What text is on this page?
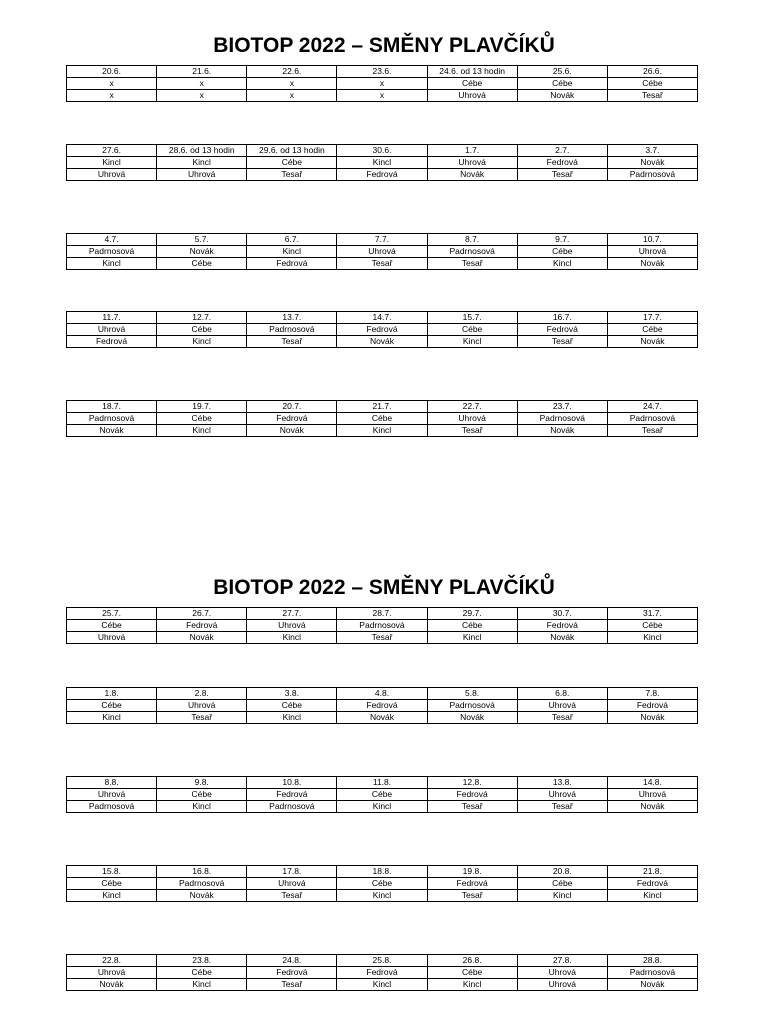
BIOTOP 2022 – SMĚNY PLAVČÍKŮ
20.6.	21.6.	22.6.	23.6.	24.6. od 13 hodin	25.6.	26.6.
x	x	x	x	Cébe	Cébe	Cébe
x	x	x	x	Uhrová	Novák	Tesař
27.6.	28.6. od 13 hodin	29.6. od 13 hodin	30.6.	1.7.	2.7.	3.7.
Kincl	Kincl	Cébe	Kincl	Uhrová	Fedrová	Novák
Uhrová	Uhrová	Tesař	Fedrová	Novák	Tesař	Padrnosová
4.7.	5.7.	6.7.	7.7.	8.7.	9.7.	10.7.
Padrnosová	Novák	Kincl	Uhrová	Padrnosová	Cébe	Uhrová
Kincl	Cébe	Fedrová	Tesař	Tesař	Kincl	Novák
11.7.	12.7.	13.7.	14.7.	15.7.	16.7.	17.7.
Uhrová	Cébe	Padrnosová	Fedrová	Cébe	Fedrová	Cébe
Fedrová	Kincl	Tesař	Novák	Kincl	Tesař	Novák
18.7.	19.7.	20.7.	21.7.	22.7.	23.7.	24.7.
Padrnosová	Cébe	Fedrová	Cébe	Uhrová	Padrnosová	Padrnosová
Novák	Kincl	Novák	Kincl	Tesař	Novák	Tesař
BIOTOP 2022 – SMĚNY PLAVČÍKŮ
25.7.	26.7.	27.7.	28.7.	29.7.	30.7.	31.7.
Cébe	Fedrová	Uhrová	Padrnosová	Cébe	Fedrová	Cébe
Uhrová	Novák	Kincl	Tesař	Kincl	Novák	Kincl
1.8.	2.8.	3.8.	4.8.	5.8.	6.8.	7.8.
Cébe	Uhrová	Cébe	Fedrová	Padrnosová	Uhrová	Fedrová
Kincl	Tesař	Kincl	Novák	Novák	Tesař	Novák
8.8.	9.8.	10.8.	11.8.	12.8.	13.8.	14.8.
Uhrová	Cébe	Fedrová	Cébe	Fedrová	Uhrová	Uhrová
Padrnosová	Kincl	Padrnosová	Kincl	Tesař	Tesař	Novák
15.8.	16.8.	17.8.	18.8.	19.8.	20.8.	21.8.
Cébe	Padrnosová	Uhrová	Cébe	Fedrová	Cébe	Fedrová
Kincl	Novák	Tesař	Kincl	Tesař	Kincl	Kincl
22.8.	23.8.	24.8.	25.8.	26.8.	27.8.	28.8.
Uhrová	Cébe	Fedrová	Fedrová	Cébe	Uhrová	Padrnosová
Novák	Kincl	Tesař	Kincl	Kincl	Uhrová	Novák
